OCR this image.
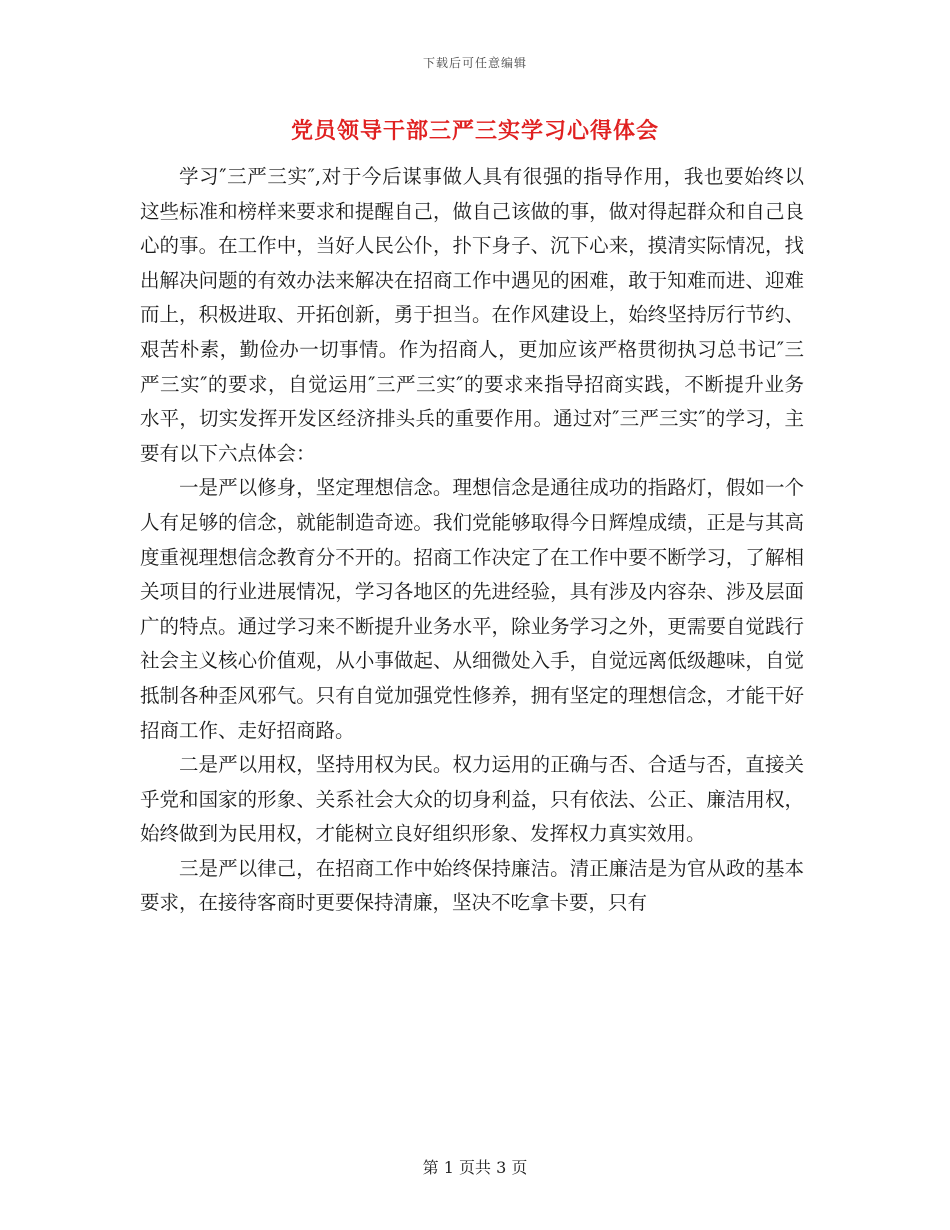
下载后可任意编辑
党员领导干部三严三实学习心得体会

学习″三严三实″,对于今后谋事做人具有很强的指导作用，我也要始终以这些标准和榜样来要求和提醒自己，做自己该做的事，做对得起群众和自己良心的事。在工作中，当好人民公仆，扑下身子、沉下心来，摸清实际情况，找出解决问题的有效办法来解决在招商工作中遇见的困难，敢于知难而进、迎难而上，积极进取、开拓创新，勇于担当。在作风建设上，始终坚持厉行节约、艰苦朴素，勤俭办一切事情。作为招商人，更加应该严格贯彻执习总书记″三严三实″的要求，自觉运用″三严三实″的要求来指导招商实践，不断提升业务水平，切实发挥开发区经济排头兵的重要作用。通过对″三严三实″的学习，主要有以下六点体会：

一是严以修身，坚定理想信念。理想信念是通往成功的指路灯，假如一个人有足够的信念，就能制造奇迹。我们党能够取得今日辉煌成绩，正是与其高度重视理想信念教育分不开的。招商工作决定了在工作中要不断学习，了解相关项目的行业进展情况，学习各地区的先进经验，具有涉及内容杂、涉及层面广的特点。通过学习来不断提升业务水平，除业务学习之外，更需要自觉践行社会主义核心价值观，从小事做起、从细微处入手，自觉远离低级趣味，自觉抵制各种歪风邪气。只有自觉加强党性修养，拥有坚定的理想信念，才能干好招商工作、走好招商路。

二是严以用权，坚持用权为民。权力运用的正确与否、合适与否，直接关乎党和国家的形象、关系社会大众的切身利益，只有依法、公正、廉洁用权，始终做到为民用权，才能树立良好组织形象、发挥权力真实效用。

三是严以律己，在招商工作中始终保持廉洁。清正廉洁是为官从政的基本要求，在接待客商时更要保持清廉，坚决不吃拿卡要，只有

第 1 页共 3 页
